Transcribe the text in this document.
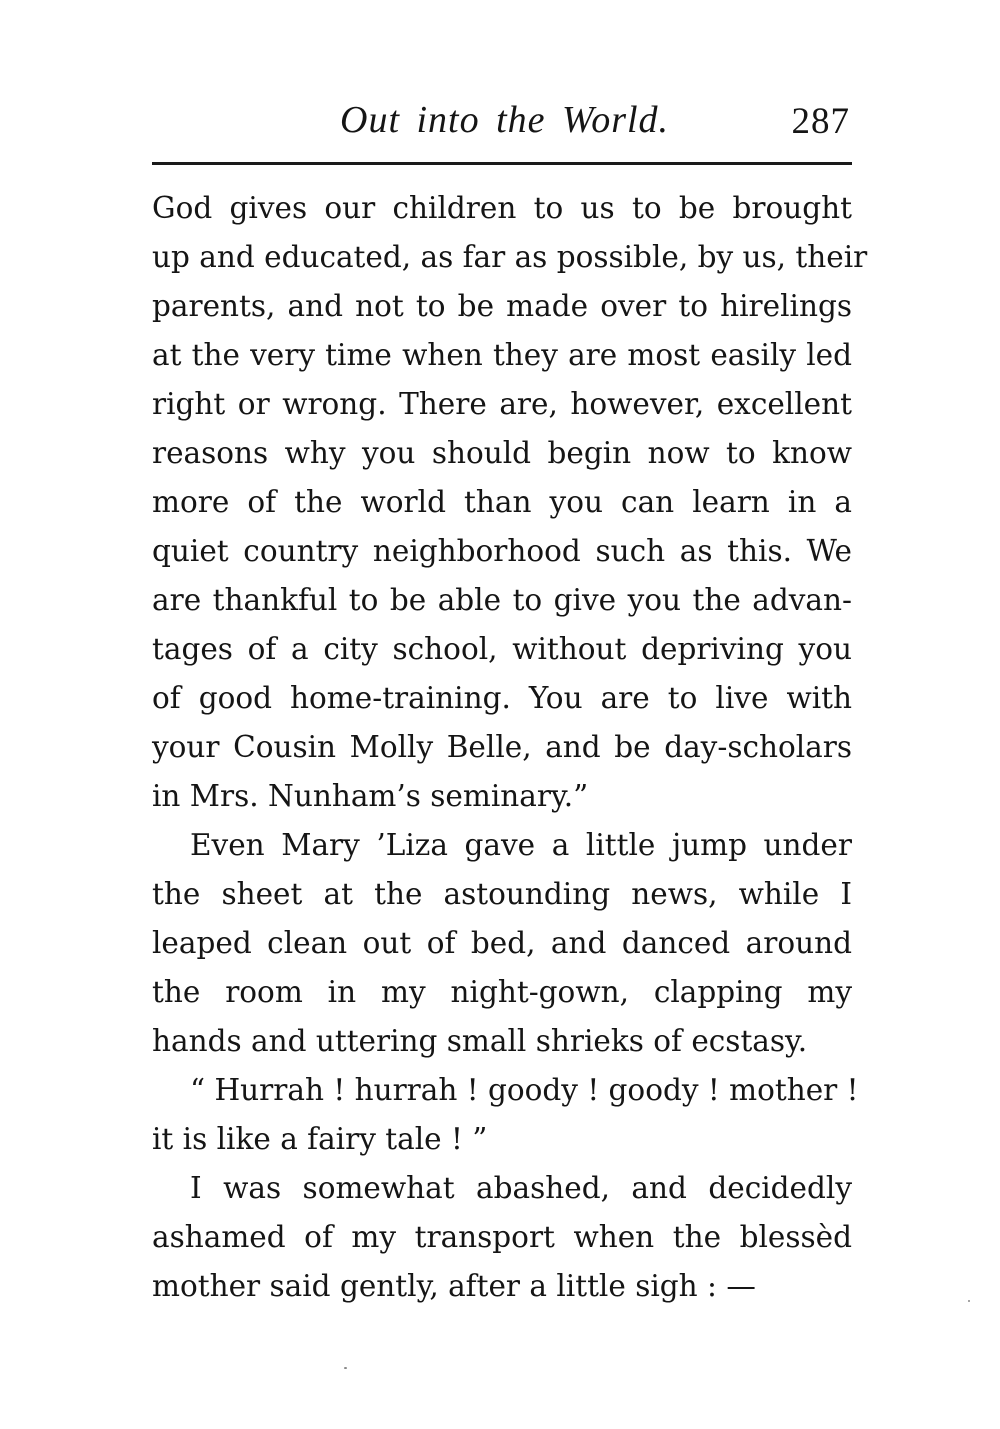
Out into the World.	287
God gives our children to us to be brought
up and educated, as far as possible, by us, their
parents, and not to be made over to hirelings
at the very time when they are most easily led
right or wrong. There are, however, excellent
reasons why you should begin now to know
more of the world than you can learn in a
quiet country neighborhood such as this. We
are thankful to be able to give you the advan-
tages of a city school, without depriving you
of good home-training. You are to live with
your Cousin Molly Belle, and be day-scholars
in Mrs. Nunham’s seminary.”
Even Mary ’Liza gave a little jump under
the sheet at the astounding news, while I
leaped clean out of bed, and danced around
the room in my night-gown, clapping my
hands and uttering small shrieks of ecstasy.
“ Hurrah ! hurrah ! goody ! goody ! mother !
it is like a fairy tale ! ”
I was somewhat abashed, and decidedly
ashamed of my transport when the blessèd
mother said gently, after a little sigh : —
